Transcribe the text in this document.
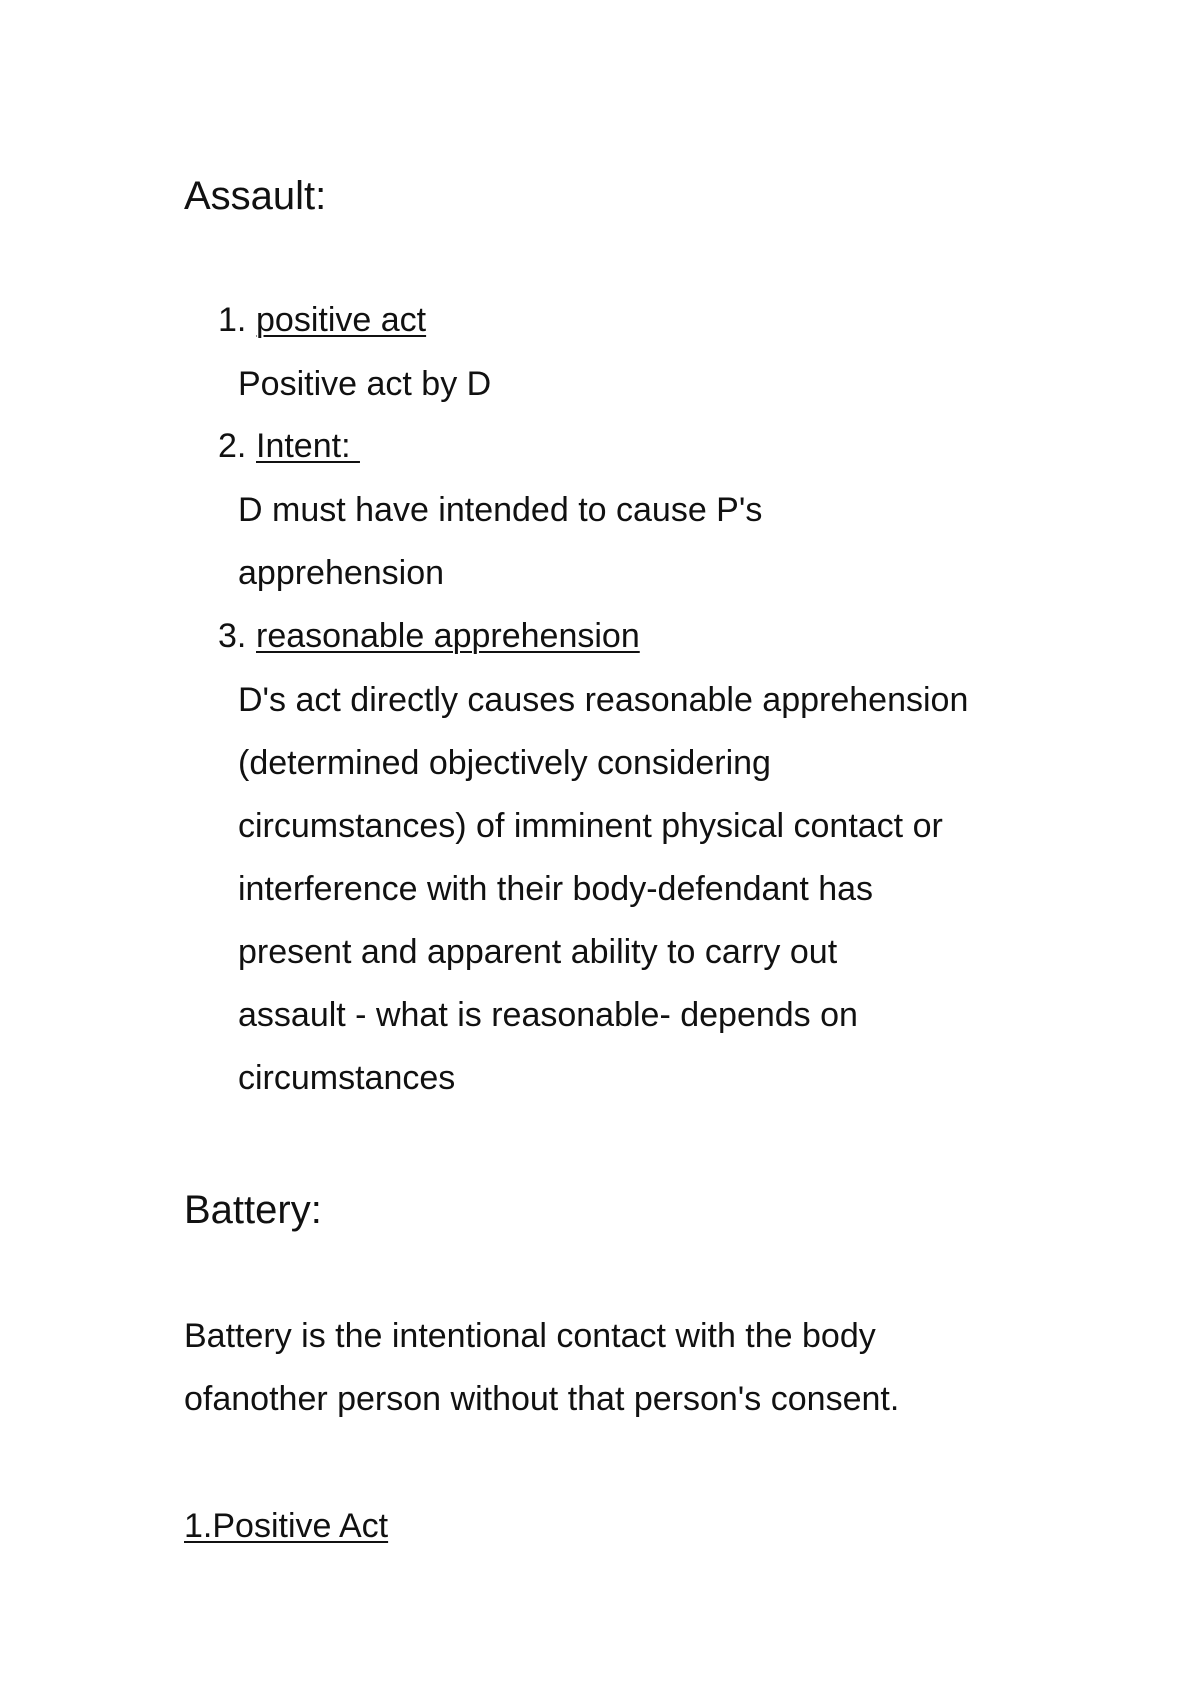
Assault:
1. positive act
Positive act by D
2. Intent:
D must have intended to cause P's
apprehension
3. reasonable apprehension
D's act directly causes reasonable apprehension
(determined objectively considering
circumstances) of imminent physical contact or
interference with their body-defendant has
present and apparent ability to carry out
assault - what is reasonable- depends on
circumstances
Battery:
Battery is the intentional contact with the body
ofanother person without that person's consent.
1.Positive Act
